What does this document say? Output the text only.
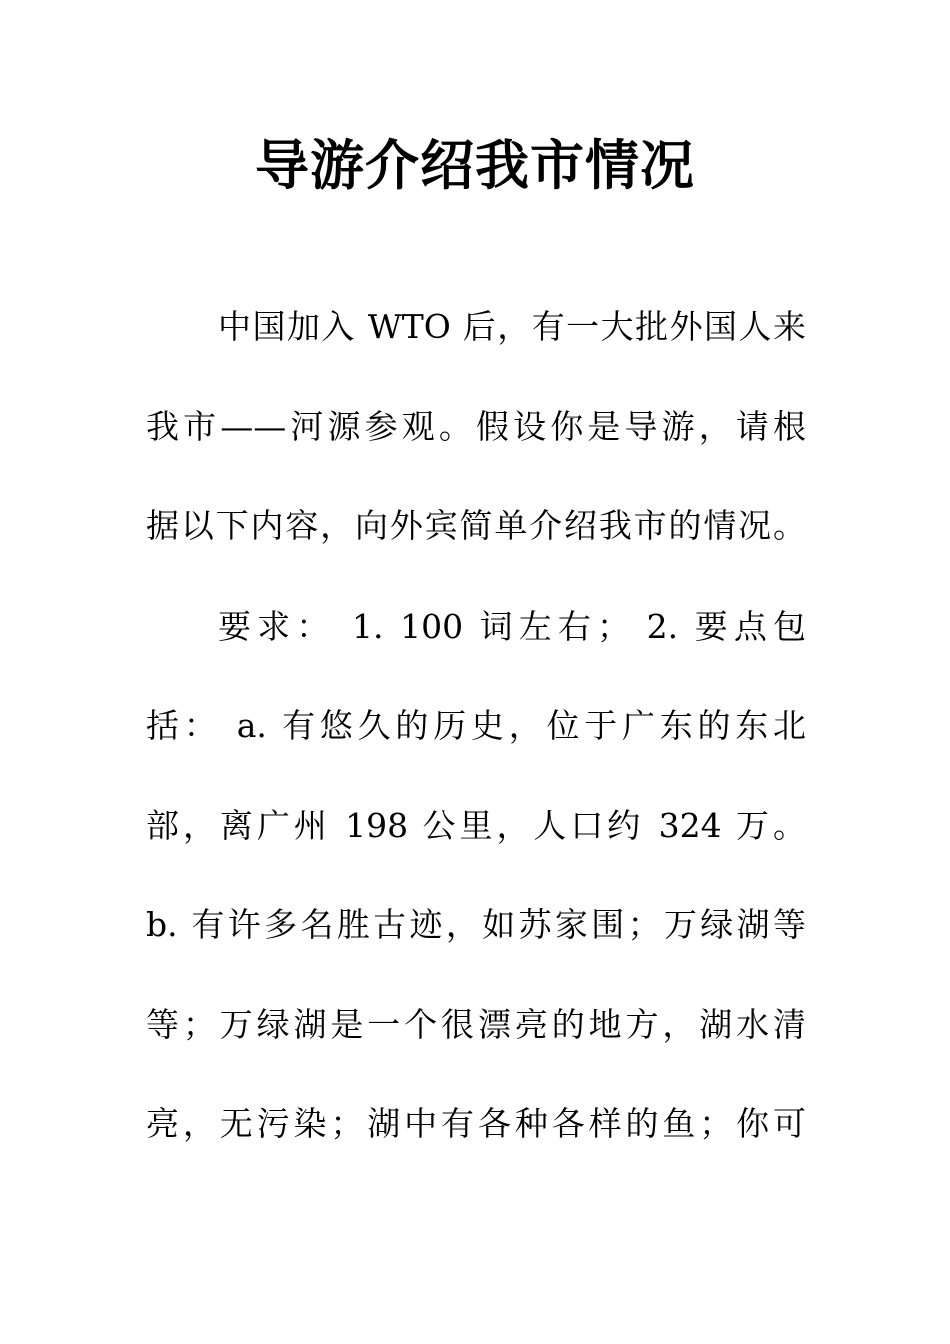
导游介绍我市情况
中国加入 WTO 后，有一大批外国人来
我市——河源参观。假设你是导游，请根
据以下内容，向外宾简单介绍我市的情况。
要求： 1. 100 词左右； 2. 要点包
括： a. 有悠久的历史，位于广东的东北
部，离广州 198 公里，人口约 324 万。
b. 有许多名胜古迹，如苏家围；万绿湖等
等；万绿湖是一个很漂亮的地方，湖水清
亮，无污染；湖中有各种各样的鱼；你可
